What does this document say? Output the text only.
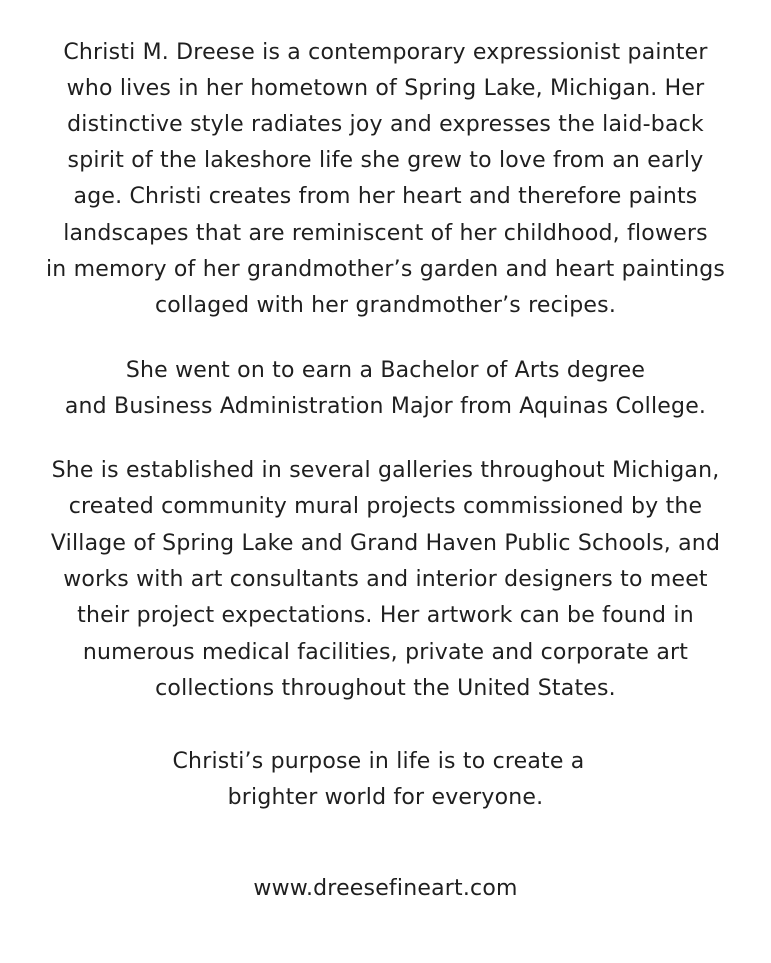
Christi M. Dreese is a contemporary expressionist painter
who lives in her hometown of Spring Lake, Michigan. Her
distinctive style radiates joy and expresses the laid-back
spirit of the lakeshore life she grew to love from an early
age. Christi creates from her heart and therefore paints
landscapes that are reminiscent of her childhood, flowers
in memory of her grandmother’s garden and heart paintings
collaged with her grandmother’s recipes.
She went on to earn a Bachelor of Arts degree
and Business Administration Major from Aquinas College.
She is established in several galleries throughout Michigan,
created community mural projects commissioned by the
Village of Spring Lake and Grand Haven Public Schools, and
works with art consultants and interior designers to meet
their project expectations. Her artwork can be found in
numerous medical facilities, private and corporate art
collections throughout the United States.
Christi’s purpose in life is to create a
brighter world for everyone.
www.dreesefineart.com
